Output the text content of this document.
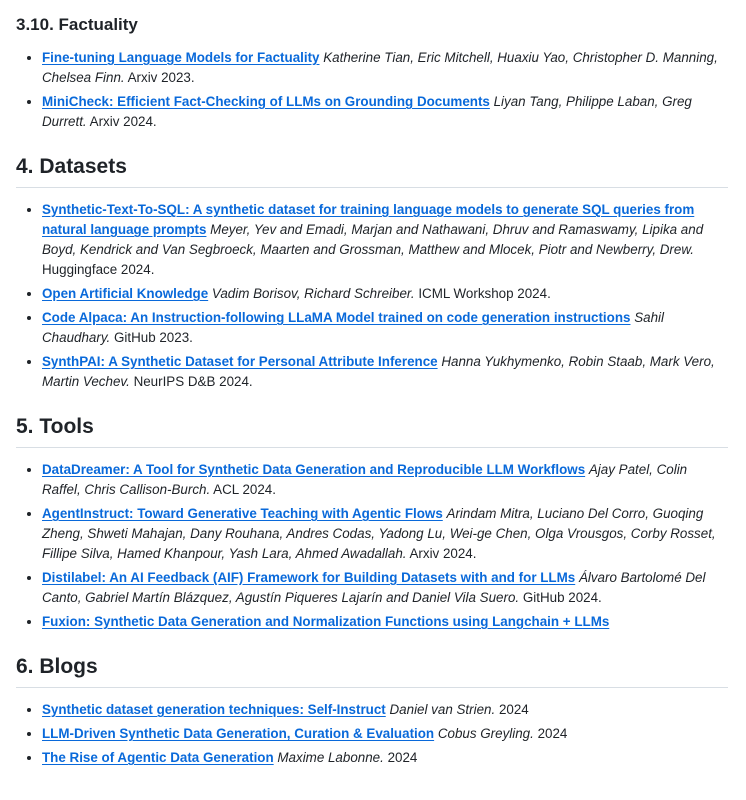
3.10. Factuality
• Fine-tuning Language Models for Factuality Katherine Tian, Eric Mitchell, Huaxiu Yao, Christopher D. Manning, Chelsea Finn. Arxiv 2023.
• MiniCheck: Efficient Fact-Checking of LLMs on Grounding Documents Liyan Tang, Philippe Laban, Greg Durrett. Arxiv 2024.
4. Datasets
• Synthetic-Text-To-SQL: A synthetic dataset for training language models to generate SQL queries from natural language prompts Meyer, Yev and Emadi, Marjan and Nathawani, Dhruv and Ramaswamy, Lipika and Boyd, Kendrick and Van Segbroeck, Maarten and Grossman, Matthew and Mlocek, Piotr and Newberry, Drew. Huggingface 2024.
• Open Artificial Knowledge Vadim Borisov, Richard Schreiber. ICML Workshop 2024.
• Code Alpaca: An Instruction-following LLaMA Model trained on code generation instructions Sahil Chaudhary. GitHub 2023.
• SynthPAI: A Synthetic Dataset for Personal Attribute Inference Hanna Yukhymenko, Robin Staab, Mark Vero, Martin Vechev. NeurIPS D&B 2024.
5. Tools
• DataDreamer: A Tool for Synthetic Data Generation and Reproducible LLM Workflows Ajay Patel, Colin Raffel, Chris Callison-Burch. ACL 2024.
• AgentInstruct: Toward Generative Teaching with Agentic Flows Arindam Mitra, Luciano Del Corro, Guoqing Zheng, Shweti Mahajan, Dany Rouhana, Andres Codas, Yadong Lu, Wei-ge Chen, Olga Vrousgos, Corby Rosset, Fillipe Silva, Hamed Khanpour, Yash Lara, Ahmed Awadallah. Arxiv 2024.
• Distilabel: An AI Feedback (AIF) Framework for Building Datasets with and for LLMs Álvaro Bartolomé Del Canto, Gabriel Martín Blázquez, Agustín Piqueres Lajarín and Daniel Vila Suero. GitHub 2024.
• Fuxion: Synthetic Data Generation and Normalization Functions using Langchain + LLMs
6. Blogs
• Synthetic dataset generation techniques: Self-Instruct Daniel van Strien. 2024
• LLM-Driven Synthetic Data Generation, Curation & Evaluation Cobus Greyling. 2024
• The Rise of Agentic Data Generation Maxime Labonne. 2024
